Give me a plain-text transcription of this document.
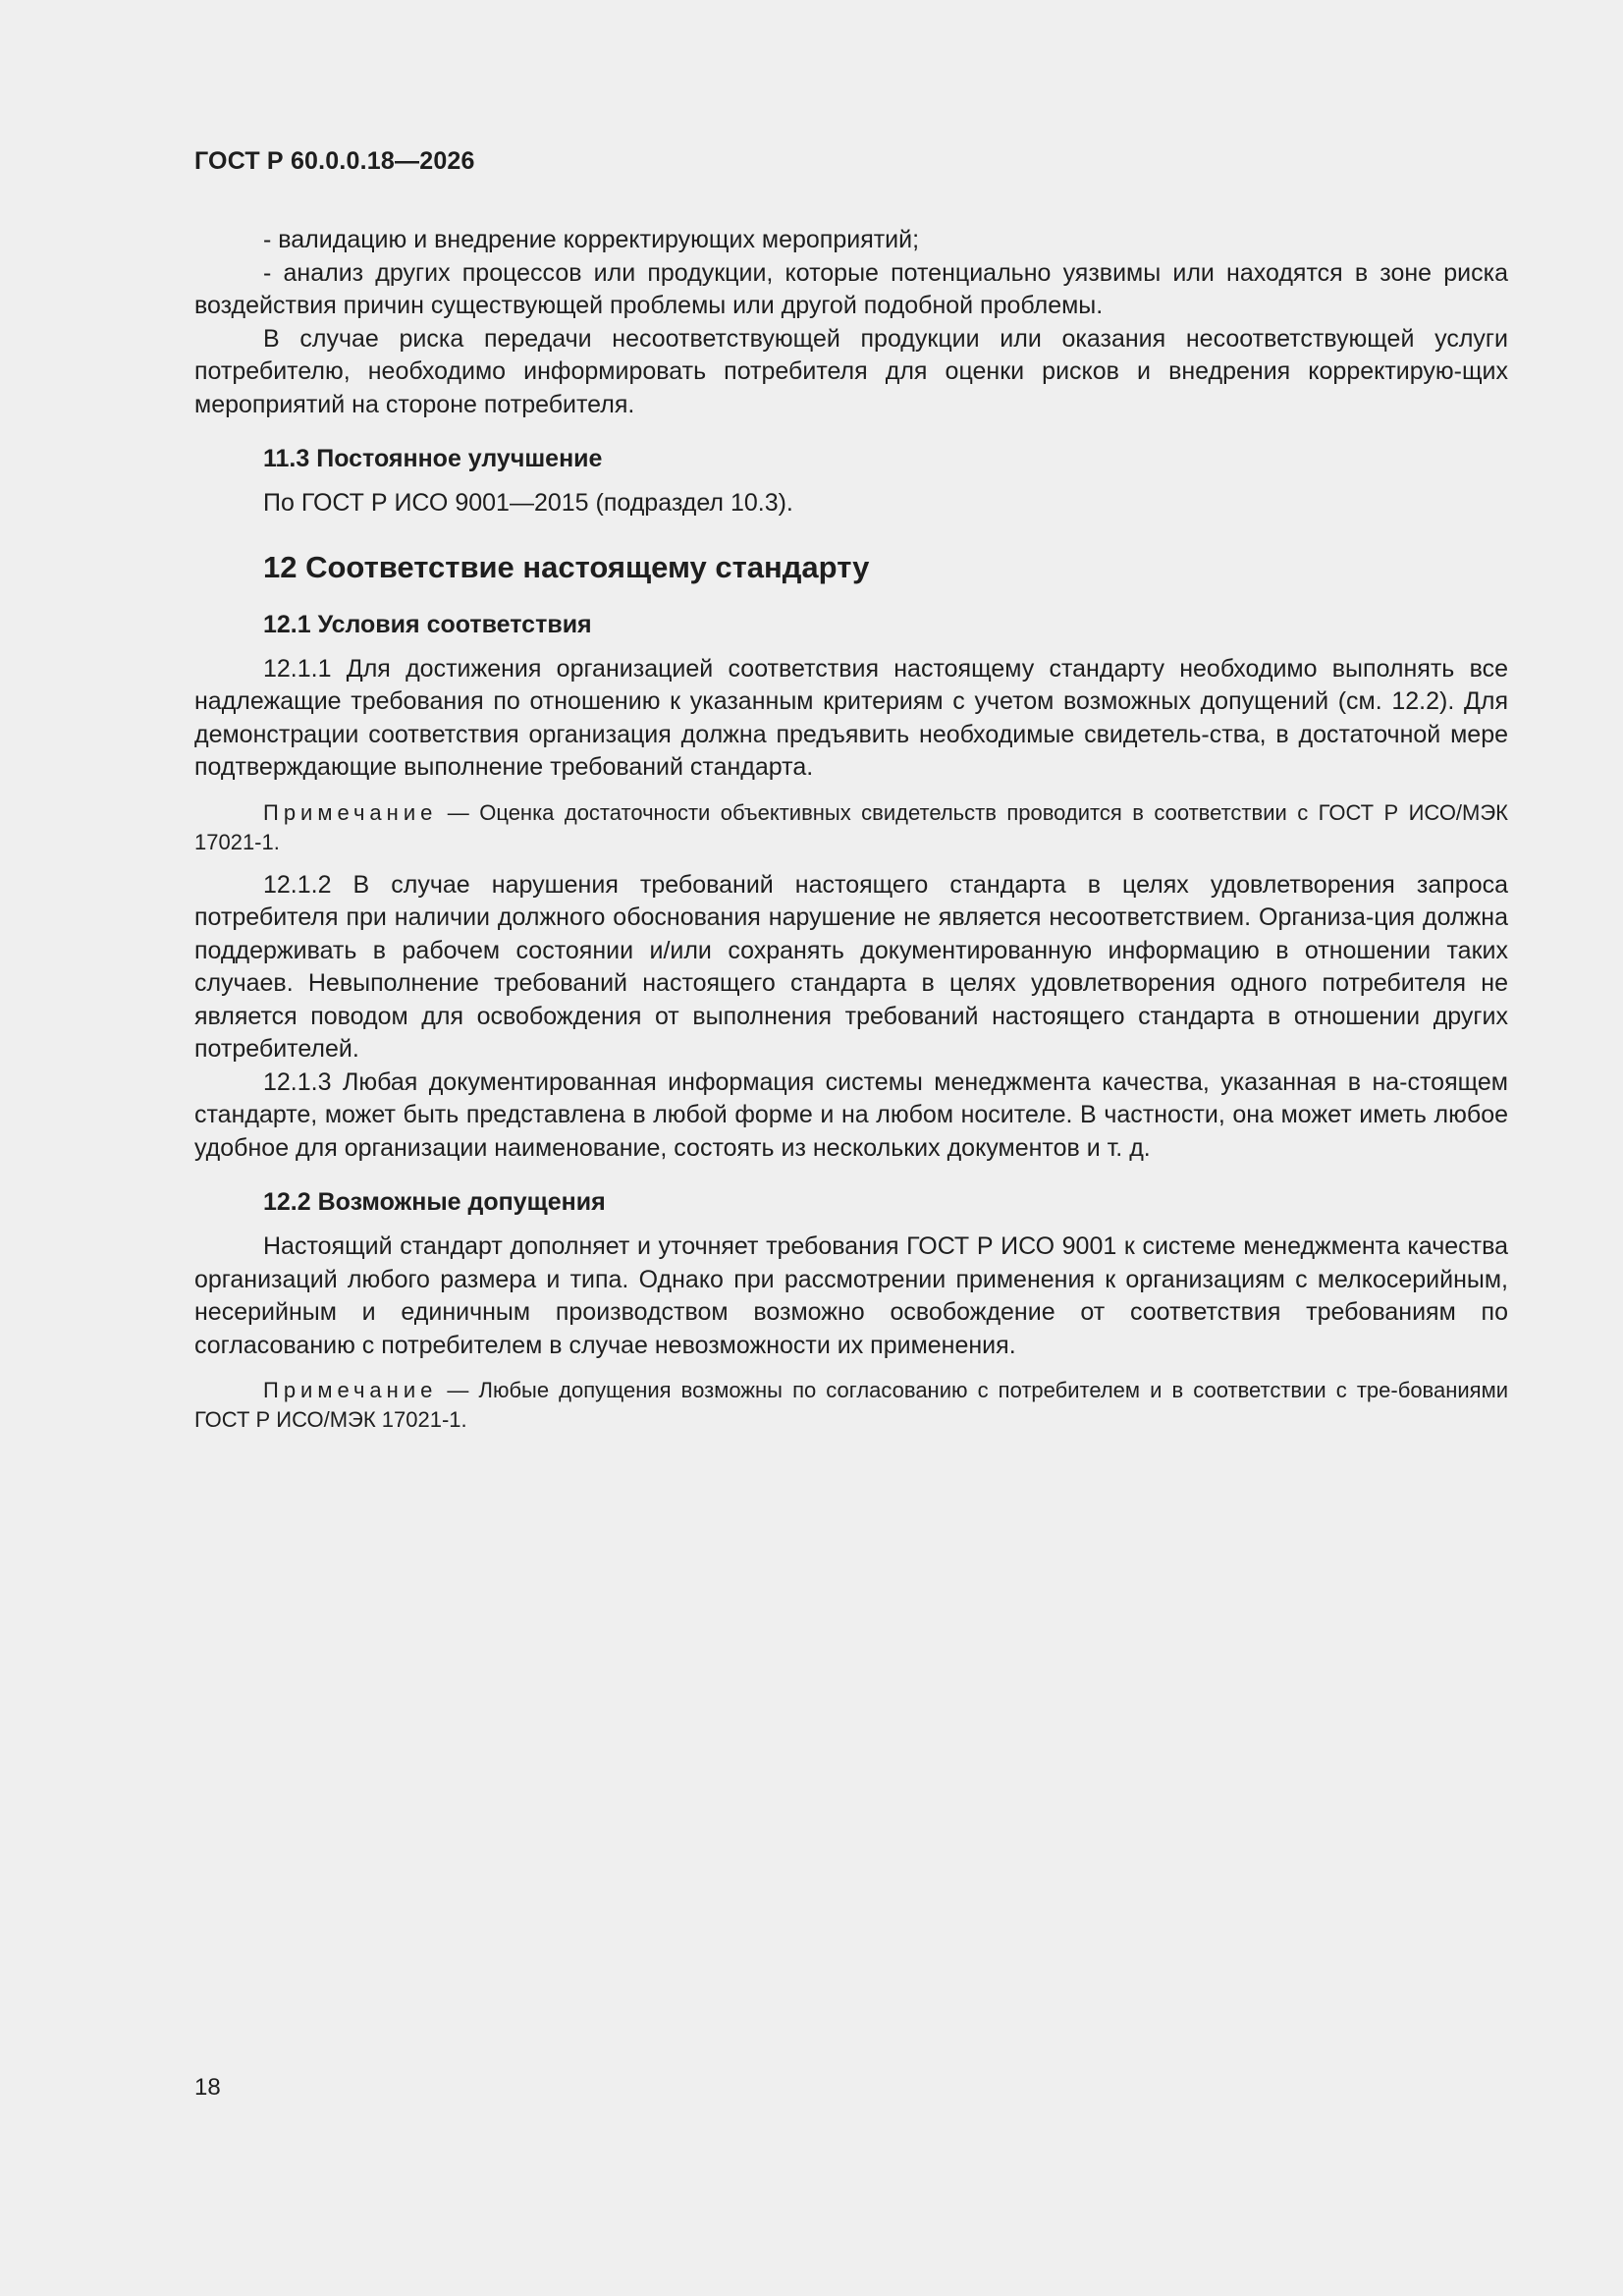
ГОСТ Р 60.0.0.18—2026

- валидацию и внедрение корректирующих мероприятий;

- анализ других процессов или продукции, которые потенциально уязвимы или находятся в зоне риска воздействия причин существующей проблемы или другой подобной проблемы.

В случае риска передачи несоответствующей продукции или оказания несоответствующей услуги потребителю, необходимо информировать потребителя для оценки рисков и внедрения корректирую-щих мероприятий на стороне потребителя.

11.3 Постоянное улучшение

По ГОСТ Р ИСО 9001—2015 (подраздел 10.3).

12 Соответствие настоящему стандарту
12.1 Условия соответствия

12.1.1 Для достижения организацией соответствия настоящему стандарту необходимо выполнять все надлежащие требования по отношению к указанным критериям с учетом возможных допущений (см. 12.2). Для демонстрации соответствия организация должна предъявить необходимые свидетель-ства, в достаточной мере подтверждающие выполнение требований стандарта.

Примечание — Оценка достаточности объективных свидетельств проводится в соответствии с ГОСТ Р ИСО/МЭК 17021-1.

12.1.2 В случае нарушения требований настоящего стандарта в целях удовлетворения запроса потребителя при наличии должного обоснования нарушение не является несоответствием. Организа-ция должна поддерживать в рабочем состоянии и/или сохранять документированную информацию в отношении таких случаев. Невыполнение требований настоящего стандарта в целях удовлетворения одного потребителя не является поводом для освобождения от выполнения требований настоящего стандарта в отношении других потребителей.

12.1.3 Любая документированная информация системы менеджмента качества, указанная в на-стоящем стандарте, может быть представлена в любой форме и на любом носителе. В частности, она может иметь любое удобное для организации наименование, состоять из нескольких документов и т. д.

12.2 Возможные допущения

Настоящий стандарт дополняет и уточняет требования ГОСТ Р ИСО 9001 к системе менеджмента качества организаций любого размера и типа. Однако при рассмотрении применения к организациям с мелкосерийным, несерийным и единичным производством возможно освобождение от соответствия требованиям по согласованию с потребителем в случае невозможности их применения.

Примечание — Любые допущения возможны по согласованию с потребителем и в соответствии с тре-бованиями ГОСТ Р ИСО/МЭК 17021-1.

18
